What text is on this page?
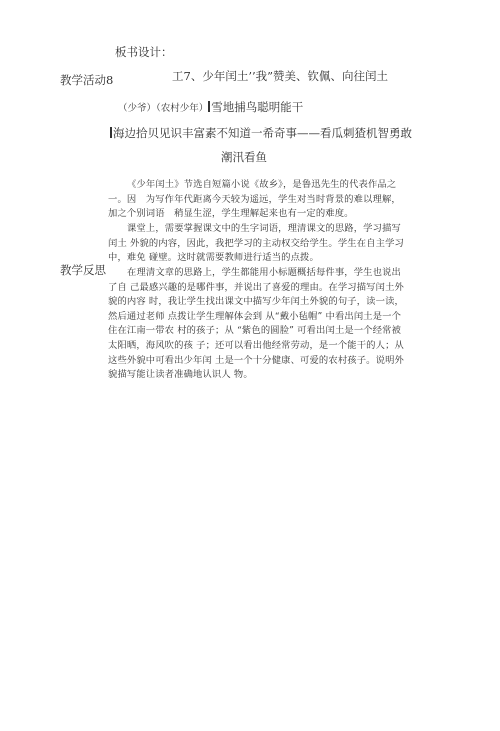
板书设计：
教学活动8	工7、少年闰土’’我”赞美、钦佩、向往闰土
（少爷）（农村少年） 雪地捕鸟聪明能干
海边拾贝见识丰富素不知道一希奇事——看瓜刺猹机智勇敢
潮汛看鱼
教学反思
《少年闰土》节选自短篇小说《故乡》，是鲁迅先生的代表作品之一。因　为写作年代距离今天较为遥远，学生对当时背景的难以理解，加之个别词语　稍显生涩，学生理解起来也有一定的难度。
课堂上，需要掌握课文中的生字词语，理清课文的思路，学习描写闰土 外貌的内容，因此，我把学习的主动权交给学生。学生在自主学习中，难免 碰壁。这时就需要教师进行适当的点拨。
在理清文章的思路上，学生都能用小标题概括每件事，学生也说出了自 己最感兴趣的是哪件事，并说出了喜爱的理由。在学习描写闰土外貌的内容 时，我让学生找出课文中描写少年闰土外貌的句子，读一读，然后通过老师 点拨让学生理解体会到 从“戴小毡帽” 中看出闰土是一个住在江南一带农 村的孩子；从 “紫色的圆脸” 可看出闰土是一个经常被太阳晒，海风吹的孩 子；还可以看出他经常劳动，是一个能干的人；从这些外貌中可看出少年闰 土是一个十分健康、可爱的农村孩子。说明外貌描写能让读者准确地认识人 物。
